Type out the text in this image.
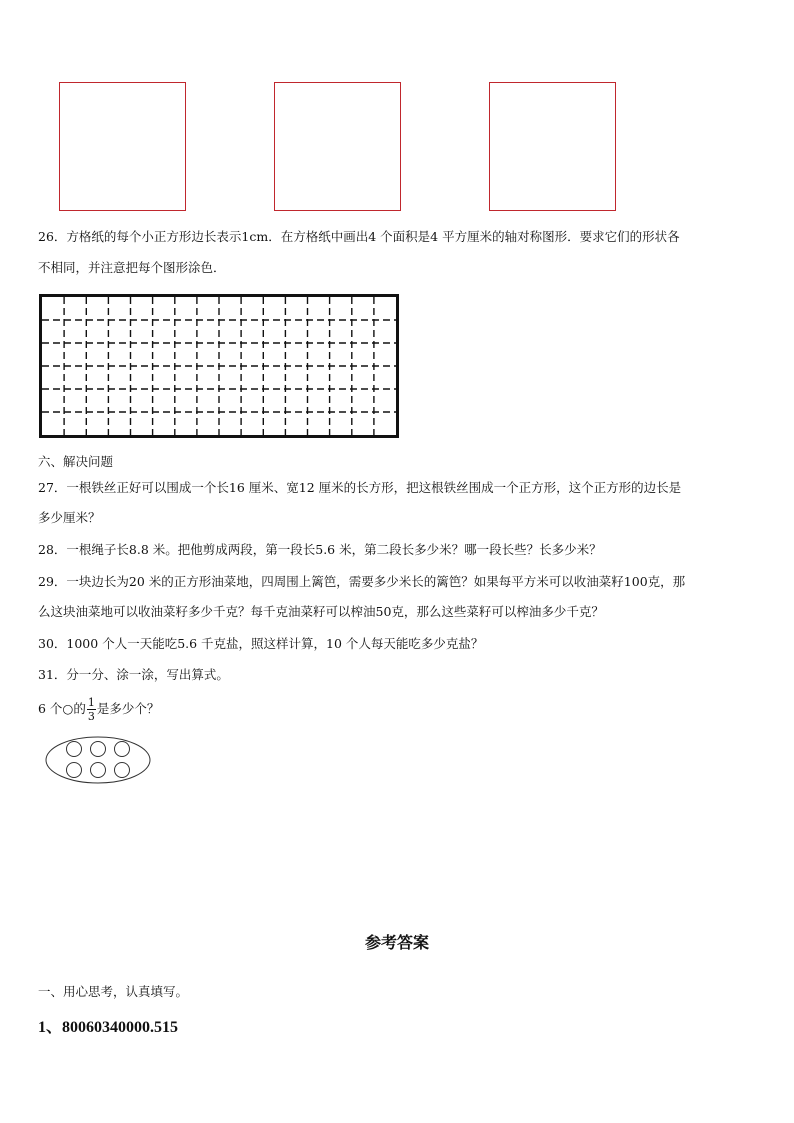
26．方格纸的每个小正方形边长表示1cm．在方格纸中画出4 个面积是4 平方厘米的轴对称图形．要求它们的形状各
不相同，并注意把每个图形涂色．
六、解决问题
27．一根铁丝正好可以围成一个长16 厘米、宽12 厘米的长方形，把这根铁丝围成一个正方形，这个正方形的边长是
多少厘米？
28．一根绳子长8.8 米。把他剪成两段，第一段长5.6 米，第二段长多少米？哪一段长些？长多少米？
29．一块边长为20 米的正方形油菜地，四周围上篱笆，需要多少米长的篱笆？如果每平方米可以收油菜籽100克，那
么这块油菜地可以收油菜籽多少千克？每千克油菜籽可以榨油50克，那么这些菜籽可以榨油多少千克？
30．1000 个人一天能吃5.6 千克盐，照这样计算，10 个人每天能吃多少克盐？
31．分一分、涂一涂，写出算式。
6 个○的 $\frac{1}{3}$ 是多少个？
参考答案
一、用心思考，认真填写。
1、80060340000.515
